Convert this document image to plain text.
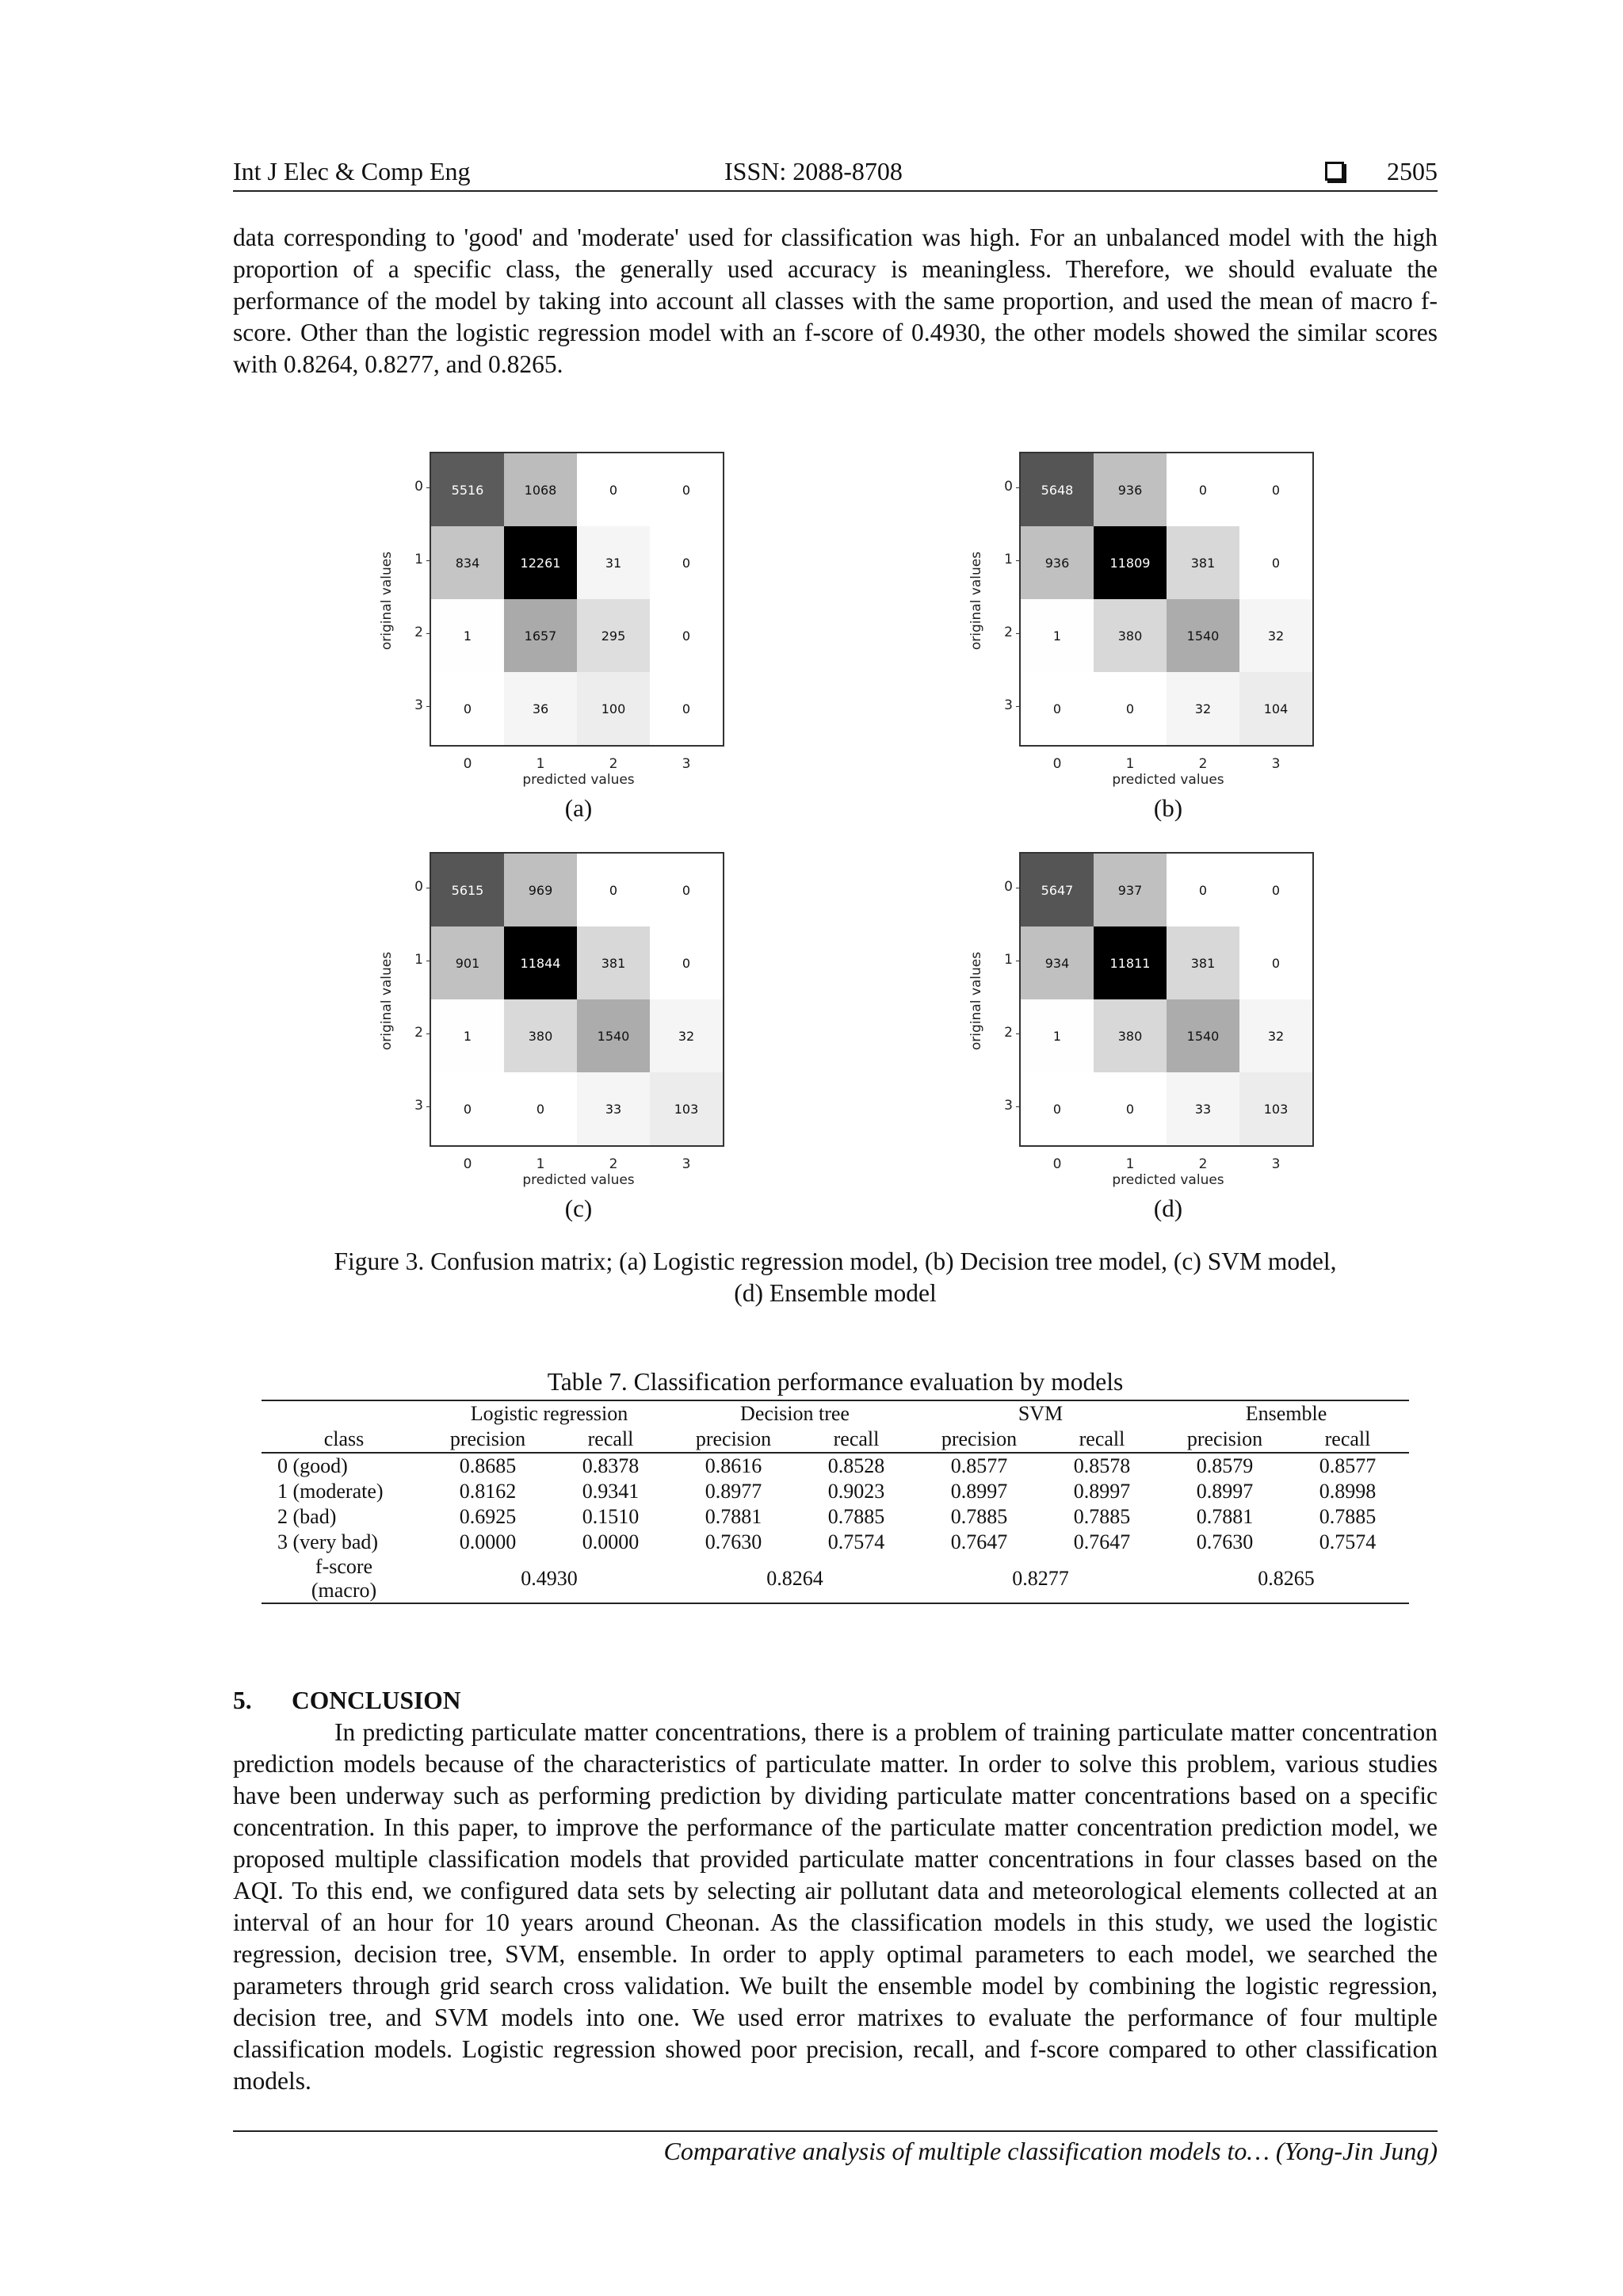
Int J Elec & Comp Eng	ISSN: 2088-8708	2505
data corresponding to 'good' and 'moderate' used for classification was high. For an unbalanced model with the high proportion of a specific class, the generally used accuracy is meaningless. Therefore, we should evaluate the performance of the model by taking into account all classes with the same proportion, and used the mean of macro f-score. Other than the logistic regression model with an f-score of 0.4930, the other models showed the similar scores with 0.8264, 0.8277, and 0.8265.
5516	1068	0	0
834	12261	31	0
1	1657	295	0
0	36	100	0
0
1
2
3
0	1	2	3
original values
predicted values
(a)
5648	936	0	0
936	11809	381	0
1	380	1540	32
0	0	32	104
0
1
2
3
0	1	2	3
original values
predicted values
(b)
5615	969	0	0
901	11844	381	0
1	380	1540	32
0	0	33	103
0
1
2
3
0	1	2	3
original values
predicted values
(c)
5647	937	0	0
934	11811	381	0
1	380	1540	32
0	0	33	103
0
1
2
3
0	1	2	3
original values
predicted values
(d)
Figure 3. Confusion matrix; (a) Logistic regression model, (b) Decision tree model, (c) SVM model,
(d) Ensemble model
Table 7. Classification performance evaluation by models
	Logistic regression		Decision tree		SVM		Ensemble	
class	precision	recall	precision	recall	precision	recall	precision	recall
0 (good)	0.8685	0.8378	0.8616	0.8528	0.8577	0.8578	0.8579	0.8577
1 (moderate)	0.8162	0.9341	0.8977	0.9023	0.8997	0.8997	0.8997	0.8998
2 (bad)	0.6925	0.1510	0.7881	0.7885	0.7885	0.7885	0.7881	0.7885
3 (very bad)	0.0000	0.0000	0.7630	0.7574	0.7647	0.7647	0.7630	0.7574

f-score
(macro)	0.4930		0.8264		0.8277		0.8265	
5. CONCLUSION
In predicting particulate matter concentrations, there is a problem of training particulate matter concentration prediction models because of the characteristics of particulate matter. In order to solve this problem, various studies have been underway such as performing prediction by dividing particulate matter concentrations based on a specific concentration. In this paper, to improve the performance of the particulate matter concentration prediction model, we proposed multiple classification models that provided particulate matter concentrations in four classes based on the AQI. To this end, we configured data sets by selecting air pollutant data and meteorological elements collected at an interval of an hour for 10 years around Cheonan. As the classification models in this study, we used the logistic regression, decision tree, SVM, ensemble. In order to apply optimal parameters to each model, we searched the parameters through grid search cross validation. We built the ensemble model by combining the logistic regression, decision tree, and SVM models into one. We used error matrixes to evaluate the performance of four multiple classification models. Logistic regression showed poor precision, recall, and f-score compared to other classification models.
Comparative analysis of multiple classification models to… (Yong-Jin Jung)
